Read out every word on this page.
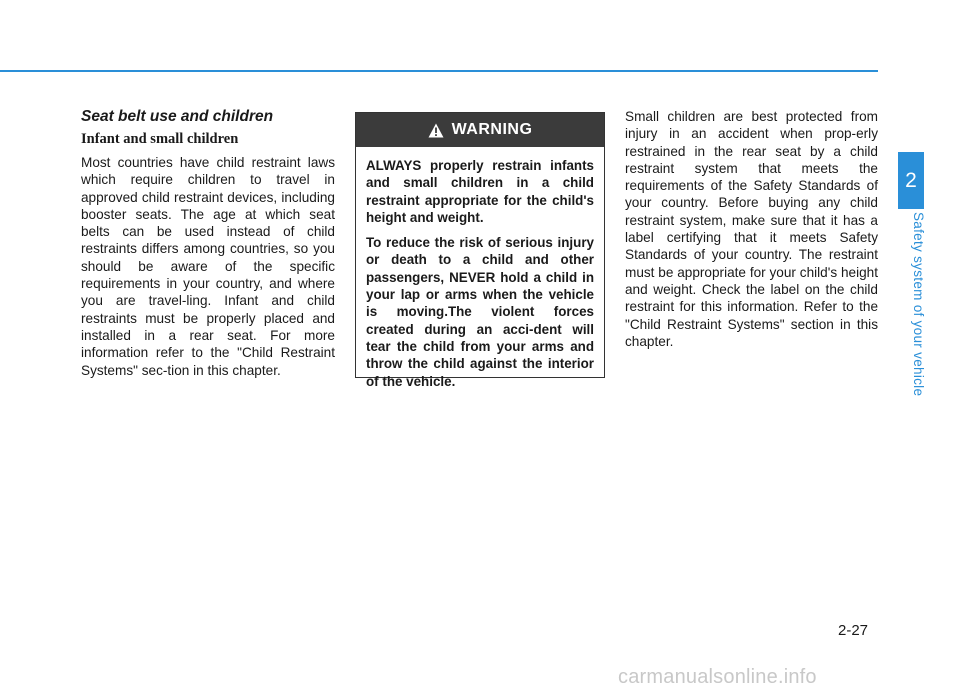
Seat belt use and children
Infant and small children

Most countries have child restraint laws which require children to travel in approved child restraint devices, including booster seats. The age at which seat belts can be used instead of child restraints differs among countries, so you should be aware of the specific requirements in your country, and where you are travel-ling. Infant and child restraints must be properly placed and installed in a rear seat. For more information refer to the "Child Restraint Systems" sec-tion in this chapter.

WARNING

ALWAYS properly restrain infants and small children in a child restraint appropriate for the child's height and weight.

To reduce the risk of serious injury or death to a child and other passengers, NEVER hold a child in your lap or arms when the vehicle is moving.The violent forces created during an acci-dent will tear the child from your arms and throw the child against the interior of the vehicle.

Small children are best protected from injury in an accident when prop-erly restrained in the rear seat by a child restraint system that meets the requirements of the Safety Standards of your country. Before buying any child restraint system, make sure that it has a label certifying that it meets Safety Standards of your country. The restraint must be appropriate for your child's height and weight. Check the label on the child restraint for this information. Refer to the "Child Restraint Systems" section in this chapter.

2
Safety system of your vehicle
2-27
carmanualsonline.info
